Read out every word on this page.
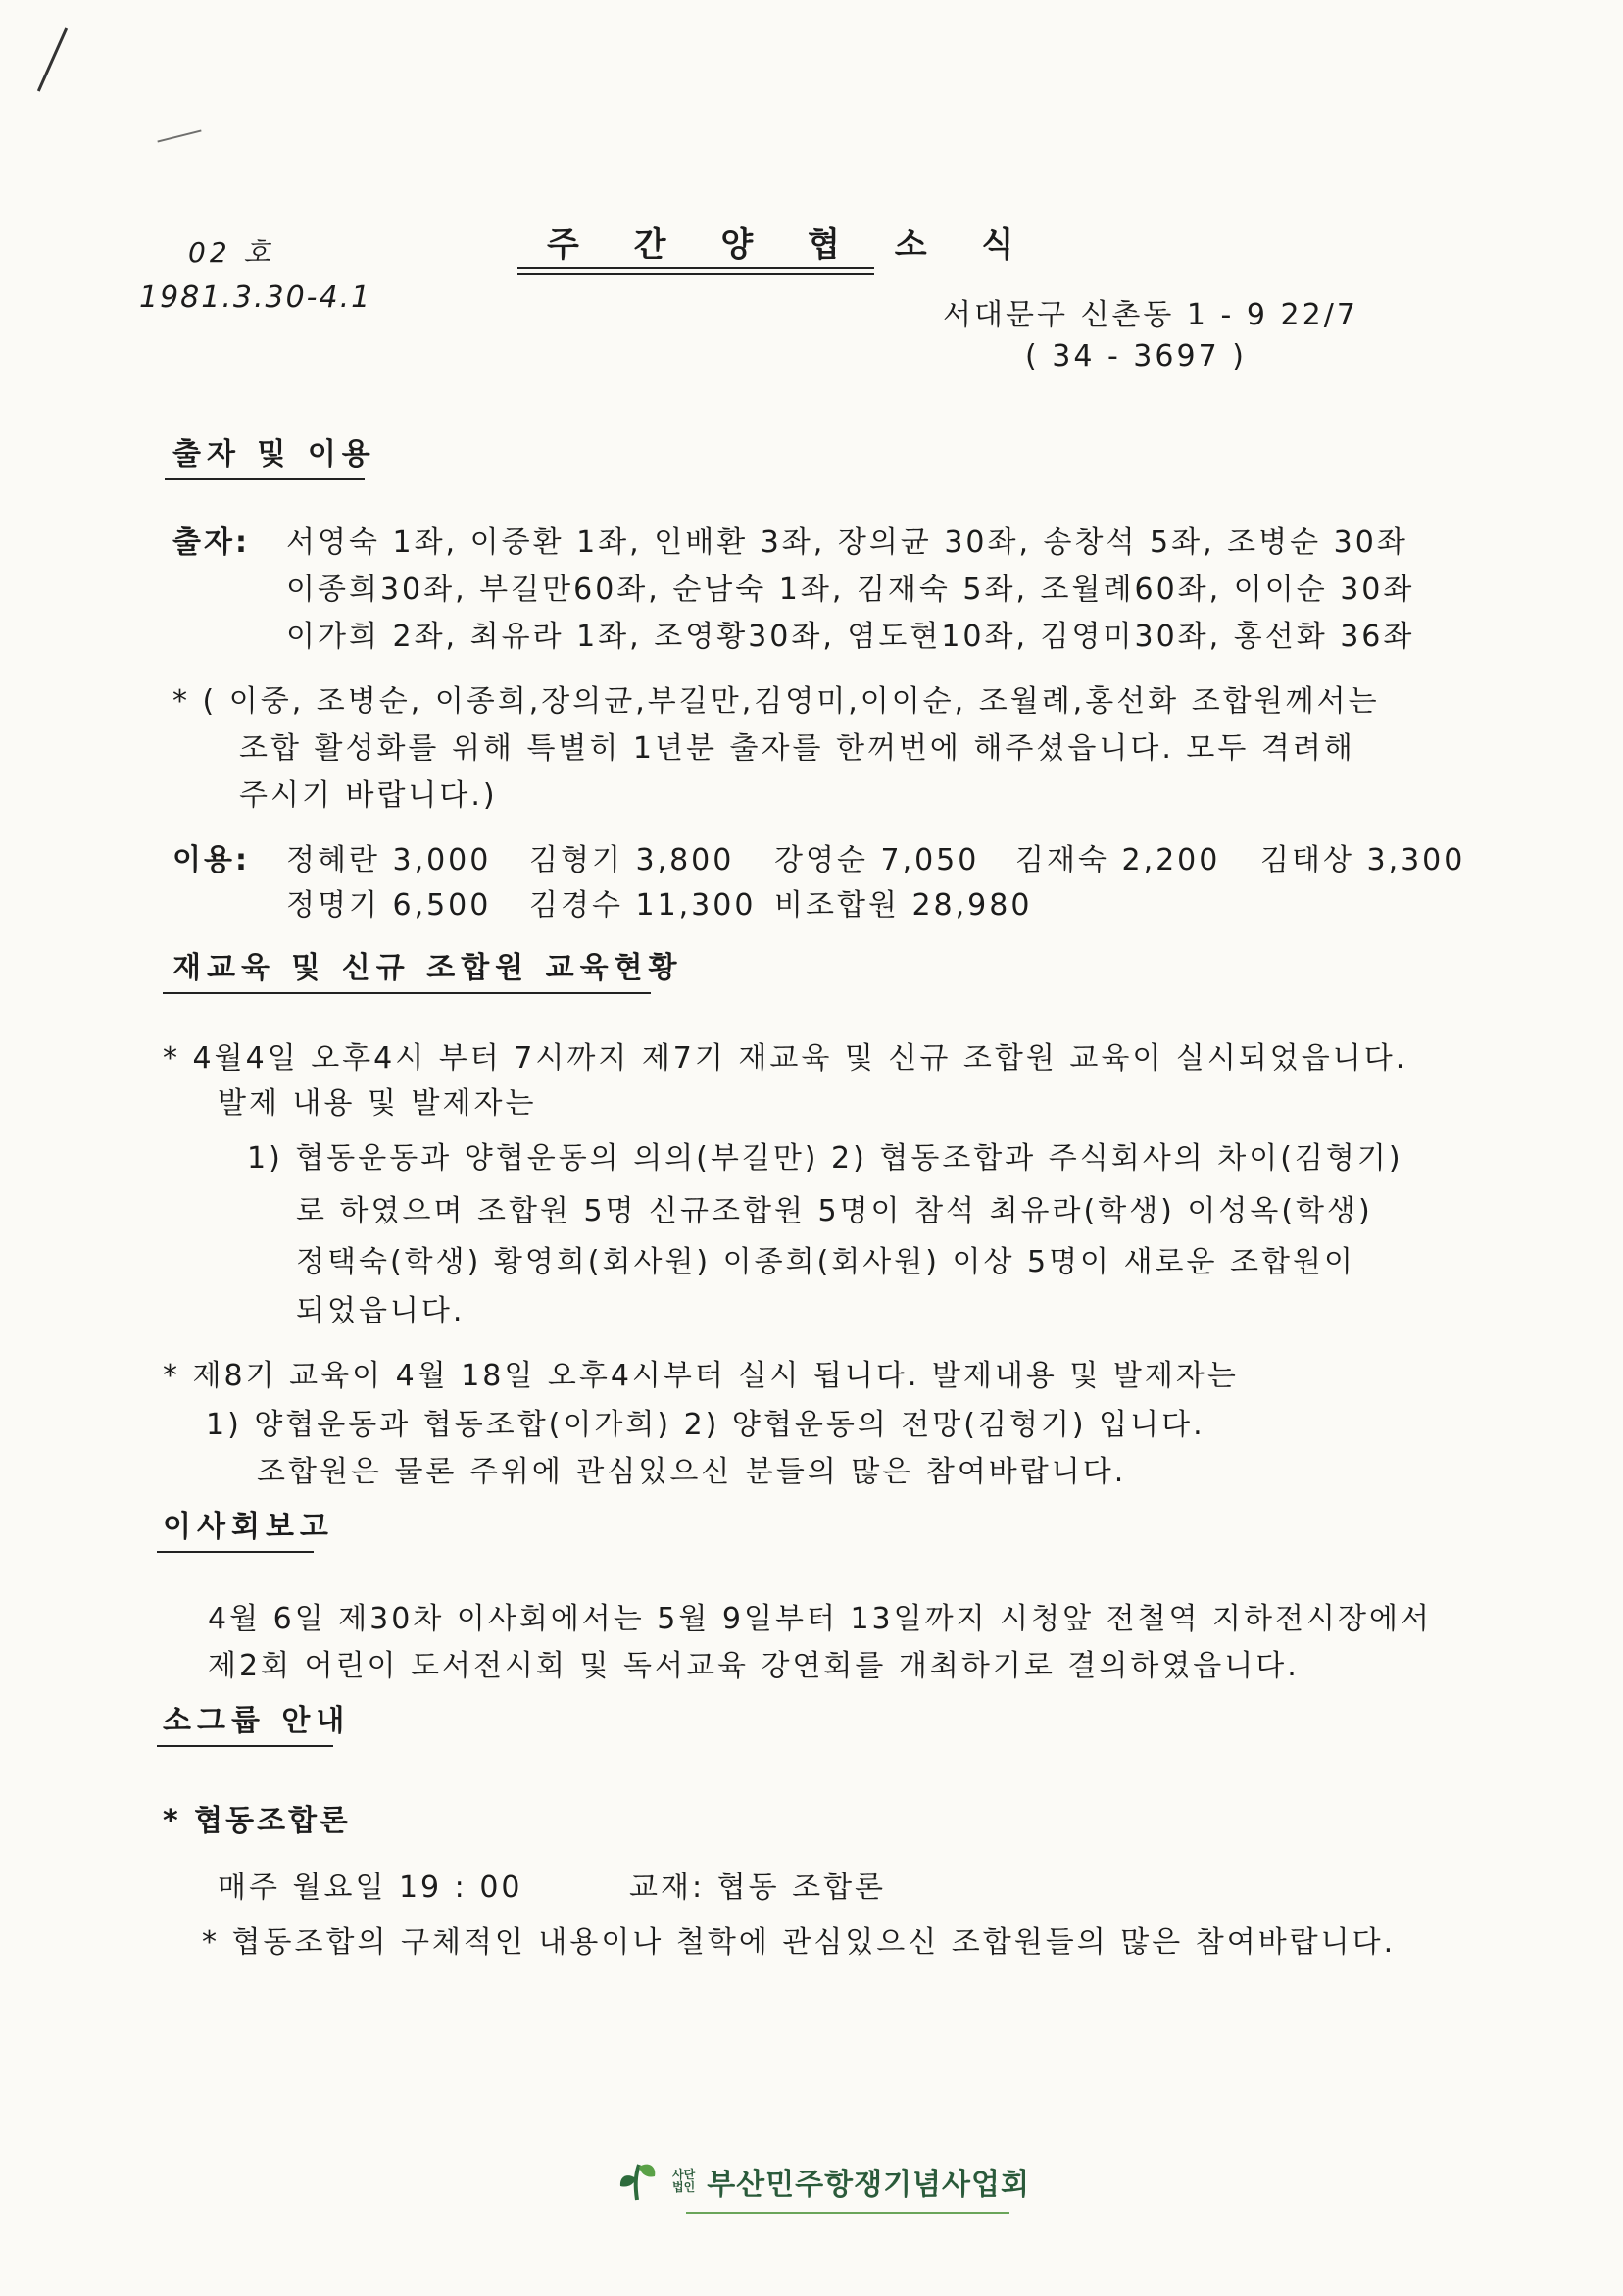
02 호
1981.3.30-4.1
주 간 양 협 소 식
서대문구 신촌동 1 - 9 22/7
( 34 - 3697 )
출자 및 이용
출자: 서영숙 1좌, 이중환 1좌, 인배환 3좌, 장의균 30좌, 송창석 5좌, 조병순 30좌
이종희30좌, 부길만60좌, 순남숙 1좌, 김재숙 5좌, 조월례60좌, 이이순 30좌
이가희 2좌, 최유라 1좌, 조영황30좌, 염도현10좌, 김영미30좌, 홍선화 36좌
* ( 이중, 조병순, 이종희,장의균,부길만,김영미,이이순, 조월례,홍선화 조합원께서는
조합 활성화를 위해 특별히 1년분 출자를 한꺼번에 해주셨읍니다. 모두 격려해
주시기 바랍니다.)
이용: 정혜란 3,000 김형기 3,800 강영순 7,050 김재숙 2,200 김태상 3,300
정명기 6,500 김경수 11,300 비조합원 28,980
재교육 및 신규 조합원 교육현황
* 4월4일 오후4시 부터 7시까지 제7기 재교육 및 신규 조합원 교육이 실시되었읍니다.
발제 내용 및 발제자는
1) 협동운동과 양협운동의 의의(부길만) 2) 협동조합과 주식회사의 차이(김형기)
로 하였으며 조합원 5명 신규조합원 5명이 참석 최유라(학생) 이성옥(학생)
정택숙(학생) 황영희(회사원) 이종희(회사원) 이상 5명이 새로운 조합원이
되었읍니다.
* 제8기 교육이 4월 18일 오후4시부터 실시 됩니다. 발제내용 및 발제자는
1) 양협운동과 협동조합(이가희) 2) 양협운동의 전망(김형기) 입니다.
조합원은 물론 주위에 관심있으신 분들의 많은 참여바랍니다.
이사회보고
4월 6일 제30차 이사회에서는 5월 9일부터 13일까지 시청앞 전철역 지하전시장에서
제2회 어린이 도서전시회 및 독서교육 강연회를 개최하기로 결의하였읍니다.
소그룹 안내
* 협동조합론
매주 월요일 19 : 00	교재: 협동 조합론
* 협동조합의 구체적인 내용이나 철학에 관심있으신 조합원들의 많은 참여바랍니다.
사단
법인 부산민주항쟁기념사업회
